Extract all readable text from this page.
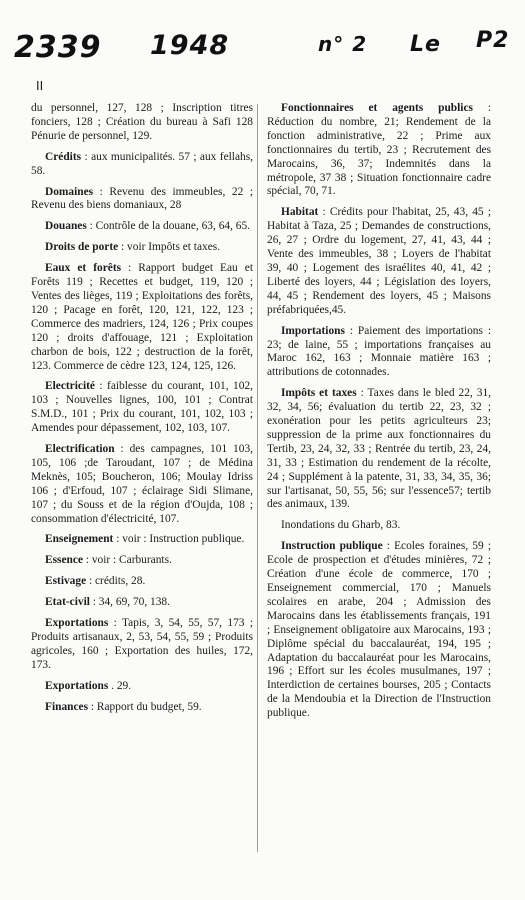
2339 1948	n° 2 Le P2
II

du personnel, 127, 128 ; Inscription titres fonciers, 128 ; Création du bureau à Safi 128 Pénurie de personnel, 129.

Crédits : aux municipalités. 57 ; aux fellahs, 58.

Domaines : Revenu des immeubles, 22 ; Revenu des biens domaniaux, 28

Douanes : Contrôle de la douane, 63, 64, 65.

Droits de porte : voir Impôts et taxes.

Eaux et forêts : Rapport budget Eau et Forêts 119 ; Recettes et budget, 119, 120 ; Ventes des lièges, 119 ; Exploitations des forêts, 120 ; Pacage en forêt, 120, 121, 122, 123 ; Commerce des madriers, 124, 126 ; Prix coupes 120 ; droits d'affouage, 121 ; Exploitation charbon de bois, 122 ; destruction de la forêt, 123. Commerce de cèdre 123, 124, 125, 126.

Electricité : faiblesse du courant, 101, 102, 103 ; Nouvelles lignes, 100, 101 ; Contrat S.M.D., 101 ; Prix du courant, 101, 102, 103 ; Amendes pour dépassement, 102, 103, 107.

Electrification : des campagnes, 101 103, 105, 106 ;de Taroudant, 107 ; de Médina Meknès, 105; Boucheron, 106; Moulay Idriss 106 ; d'Erfoud, 107 ; éclairage Sidi Slimane, 107 ; du Souss et de la région d'Oujda, 108 ; consommation d'électricité, 107.

Enseignement : voir : Instruction publique.

Essence : voir : Carburants.

Estivage : crédits, 28.

Etat-civil : 34, 69, 70, 138.

Exportations : Tapis, 3, 54, 55, 57, 173 ; Produits artisanaux, 2, 53, 54, 55, 59 ; Produits agricoles, 160 ; Exportation des huiles, 172, 173.

Exportations . 29.

Finances : Rapport du budget, 59.

Fonctionnaires et agents publics : Réduction du nombre, 21; Rendement de la fonction administrative, 22 ; Prime aux fonctionnaires du tertib, 23 ; Recrutement des Marocains, 36, 37; Indemnités dans la métropole, 37 38 ; Situation fonctionnaire cadre spécial, 70, 71.

Habitat : Crédits pour l'habitat, 25, 43, 45 ; Habitat à Taza, 25 ; Demandes de constructions, 26, 27 ; Ordre du logement, 27, 41, 43, 44 ; Vente des immeubles, 38 ; Loyers de l'habitat 39, 40 ; Logement des israélites 40, 41, 42 ; Liberté des loyers, 44 ; Législation des loyers, 44, 45 ; Rendement des loyers, 45 ; Maisons préfabriquées,45.

Importations : Paiement des importations : 23; de laine, 55 ; importations françaises au Maroc 162, 163 ; Monnaie matière 163 ; attributions de cotonnades.

Impôts et taxes : Taxes dans le bled 22, 31, 32, 34, 56; évaluation du tertib 22, 23, 32 ; exonération pour les petits agriculteurs 23; suppression de la prime aux fonctionnaires du Tertib, 23, 24, 32, 33 ; Rentrée du tertib, 23, 24, 31, 33 ; Estimation du rendement de la récolte, 24 ; Supplément à la patente, 31, 33, 34, 35, 36; sur l'artisanat, 50, 55, 56; sur l'essence57; tertib des animaux, 139.

Inondations du Gharb, 83.

Instruction publique : Ecoles foraines, 59 ; Ecole de prospection et d'études minières, 72 ; Création d'une école de commerce, 170 ; Enseignement commercial, 170 ; Manuels scolaires en arabe, 204 ; Admission des Marocains dans les établissements français, 191 ; Enseignement obligatoire aux Marocains, 193 ; Diplôme spécial du baccalauréat, 194, 195 ; Adaptation du baccalauréat pour les Marocains, 196 ; Effort sur les écoles musulmanes, 197 ; Interdiction de certaines bourses, 205 ; Contacts de la Mendoubia et la Direction de l'Instruction publique.
